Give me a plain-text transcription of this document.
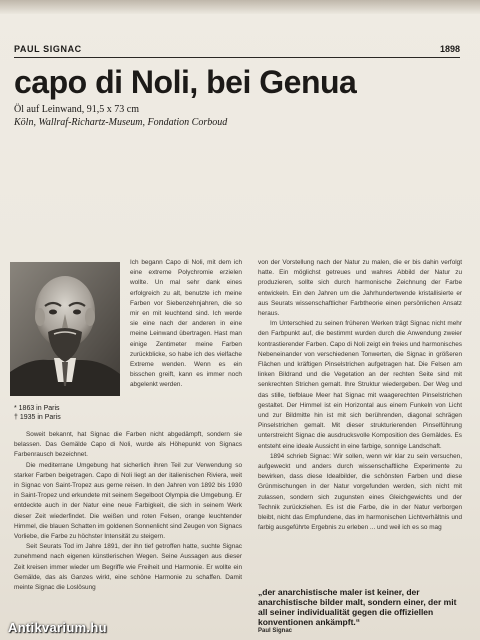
PAUL SIGNAC	1898
capo di Noli, bei Genua
Öl auf Leinwand, 91,5 x 73 cm
Köln, Wallraf-Richartz-Museum, Fondation Corboud
* 1863 in Paris
† 1935 in Paris

Ich begann Capo di Noli, mit dem ich eine extreme Polychromie erzielen wollte. Un mal sehr dank eines erfolgreich zu alt, benutzte ich meine Farben vor Siebenzehnjahren, die so mir en mit leuchtend sind. Ich werde sie eine nach der anderen in eine meine Leinwand übertragen. Hast man einige Zentimeter meine Farben zurückblicke, so habe ich des vielfache Extreme wenden. Wenn es ein bisschen greift, kann es immer noch abgelenkt werden.

Soweit bekannt, hat Signac die Farben nicht abgedämpft, sondern sie belassen. Das Gemälde Capo di Noli, wurde als Höhepunkt von Signacs Farbenrausch bezeichnet.

Die mediterrane Umgebung hat sicherlich ihren Teil zur Verwendung so starker Farben beigetragen. Capo di Noli liegt an der italienischen Riviera, weit in Signac von Saint-Tropez aus gerne reisen. In den Jahren von 1892 bis 1930 in Saint-Tropez und erkundete mit seinem Segelboot Olympia die Umgebung. Er entdeckte auch in der Natur eine neue Farbigkeit, die sich in seinem Werk dieser Zeit wiederfindet. Die weißen und roten Felsen, orange leuchtender Himmel, die blauen Schatten im goldenen Sonnenlicht sind Zeugen von Signacs Vorliebe, die Farbe zu höchster Intensität zu steigern.

Seit Seurats Tod im Jahre 1891, der ihn tief getroffen hatte, suchte Signac zunehmend nach eigenen künstlerischen Wegen. Seine Aussagen aus dieser Zeit kreisen immer wieder um Begriffe wie Freiheit und Harmonie. Er wollte ein Gemälde, das als Ganzes wirkt, eine schöne Harmonie zu schaffen. Damit meinte Signac die Loslösung

von der Vorstellung nach der Natur zu malen, die er bis dahin verfolgt hatte. Ein möglichst getreues und wahres Abbild der Natur zu produzieren, sollte sich durch harmonische Zeichnung der Farbe entwickeln. Ein den Jahren um die Jahrhundertwende kristallisierte er aus Seurats wissenschaftlicher Farbtheorie einen persönlichen Ansatz heraus.

Im Unterschied zu seinen früheren Werken trägt Signac nicht mehr den Farbpunkt auf, die bestimmt wurden durch die Anwendung zweier kontrastierender Farben. Capo di Noli zeigt ein freies und harmonisches Nebeneinander von verschiedenen Tonwerten, die Signac in größeren Flächen und kräftigen Pinselstrichen aufgetragen hat. Die Felsen am linken Bildrand und die Vegetation an der rechten Seite sind mit senkrechten Strichen gemalt. Ihre Struktur wiedergeben. Der Weg und das stille, tiefblaue Meer hat Signac mit waagerechten Pinselstrichen gestaltet. Der Himmel ist ein Horizontal aus einem Funkeln von Licht und zur Bildmitte hin ist mit sich berührenden, diagonal schrägen Pinselstrichen gemalt. Mit dieser strukturierenden Pinselführung unterstreicht Signac die ausdrucksvolle Komposition des Gemäldes. Es entsteht eine ideale Aussicht in eine farbige, sonnige Landschaft.

1894 schrieb Signac: Wir sollen, wenn wir klar zu sein versuchen, aufgeweckt und anders durch wissenschaftliche Experimente zu bewirken, dass diese Idealbilder, die schönsten Farben und diese Grünmischungen in der Natur vorgefunden werden, sich nicht mit zulassen, sondern sich zugunsten eines Gleichgewichts und der Technik zurückziehen. Es ist die Farbe, die in der Natur verborgen bleibt, nicht das Empfundene, das im harmonischen Lichtverhältnis und farbig ausgeführte Ergebnis zu erleben ... und weil ich es so mag

„der anarchistische maler ist keiner, der anarchistische bilder malt, sondern einer, der mit all seiner individualität gegen die offiziellen konventionen ankämpft.“
Paul Signac
Antikvarium.hu
